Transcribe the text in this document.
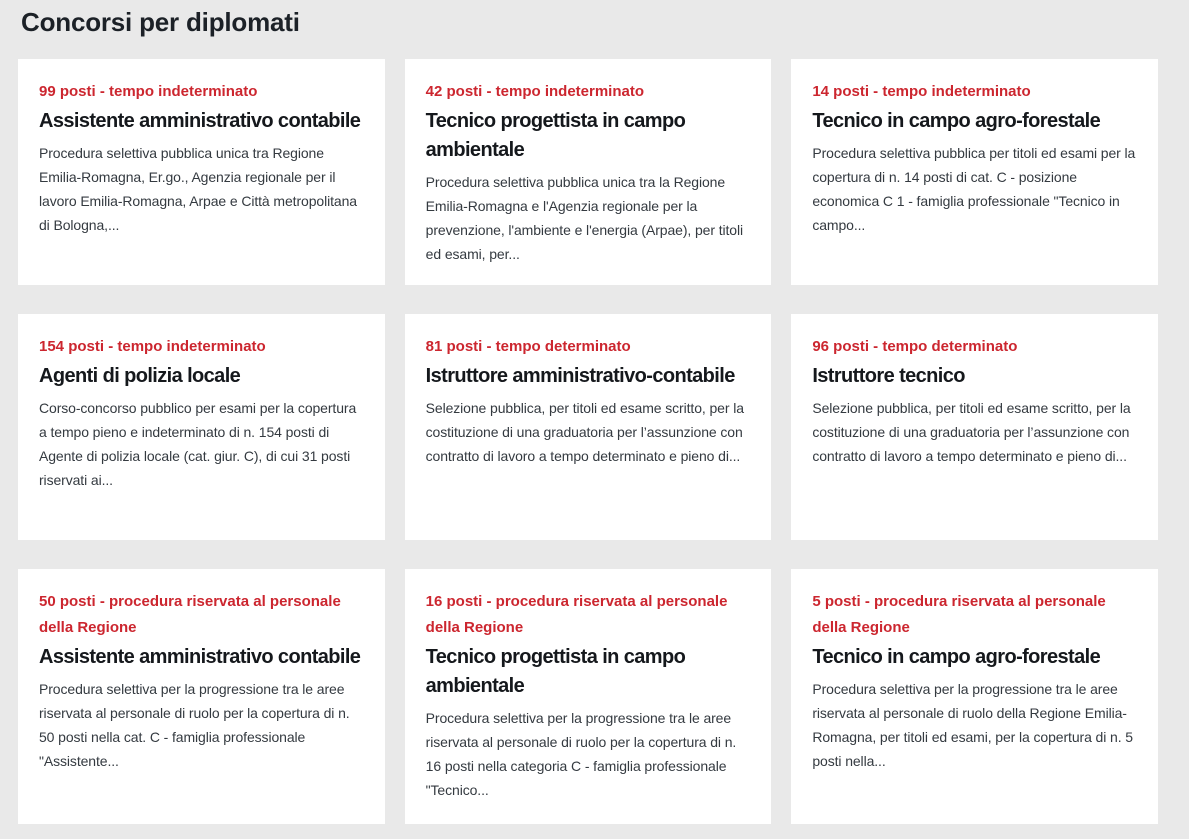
Concorsi per diplomati
99 posti - tempo indeterminato
Assistente amministrativo contabile

Procedura selettiva pubblica unica tra Regione Emilia-Romagna, Er.go., Agenzia regionale per il lavoro Emilia-Romagna, Arpae e Città metropolitana di Bologna,...

42 posti - tempo indeterminato
Tecnico progettista in campo ambientale

Procedura selettiva pubblica unica tra la Regione Emilia-Romagna e l'Agenzia regionale per la prevenzione, l'ambiente e l'energia (Arpae), per titoli ed esami, per...

14 posti - tempo indeterminato
Tecnico in campo agro-forestale

Procedura selettiva pubblica per titoli ed esami per la copertura di n. 14 posti di cat. C - posizione economica C 1 - famiglia professionale "Tecnico in campo...

154 posti - tempo indeterminato
Agenti di polizia locale

Corso-concorso pubblico per esami per la copertura a tempo pieno e indeterminato di n. 154 posti di Agente di polizia locale (cat. giur. C), di cui 31 posti riservati ai...

81 posti - tempo determinato
Istruttore amministrativo-contabile

Selezione pubblica, per titoli ed esame scritto, per la costituzione di una graduatoria per l’assunzione con contratto di lavoro a tempo determinato e pieno di...

96 posti - tempo determinato
Istruttore tecnico

Selezione pubblica, per titoli ed esame scritto, per la costituzione di una graduatoria per l’assunzione con contratto di lavoro a tempo determinato e pieno di...

50 posti - procedura riservata al personale della Regione
Assistente amministrativo contabile

Procedura selettiva per la progressione tra le aree riservata al personale di ruolo per la copertura di n. 50 posti nella cat. C - famiglia professionale "Assistente...

16 posti - procedura riservata al personale della Regione
Tecnico progettista in campo ambientale

Procedura selettiva per la progressione tra le aree riservata al personale di ruolo per la copertura di n. 16 posti nella categoria C - famiglia professionale "Tecnico...

5 posti - procedura riservata al personale della Regione
Tecnico in campo agro-forestale

Procedura selettiva per la progressione tra le aree riservata al personale di ruolo della Regione Emilia-Romagna, per titoli ed esami, per la copertura di n. 5 posti nella...
